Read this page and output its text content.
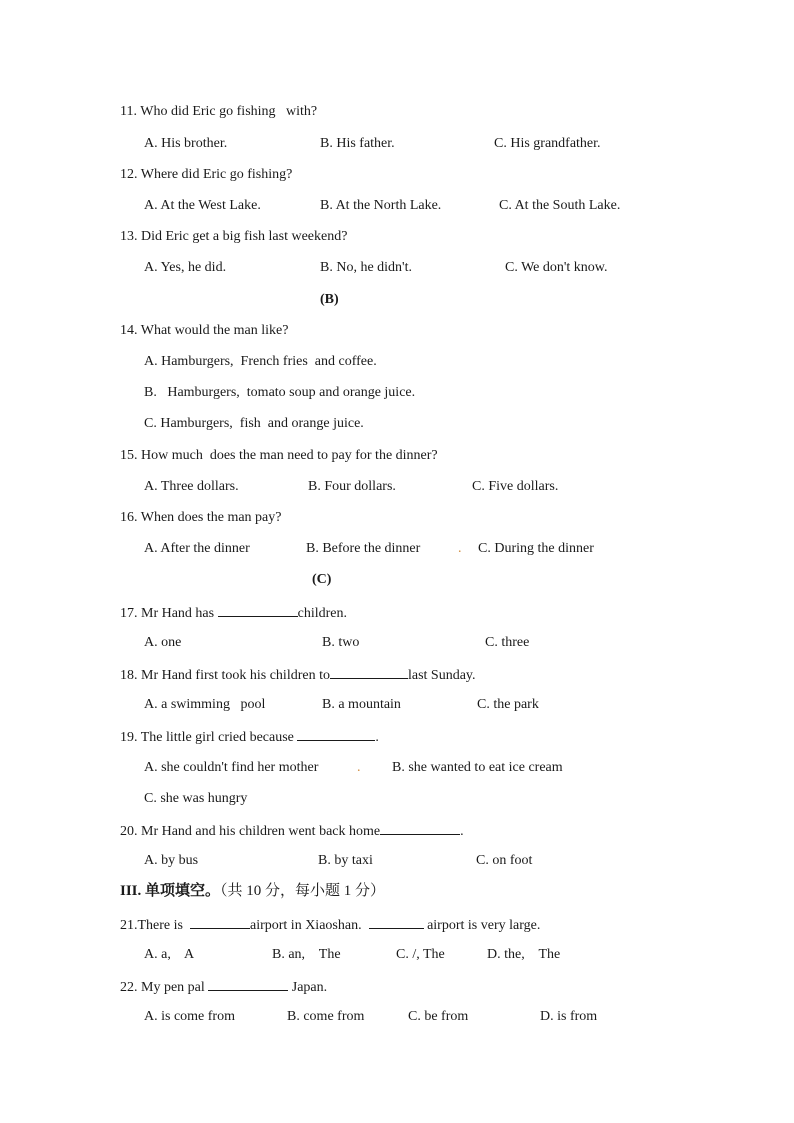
11. Who did Eric go fishing   with?
A. His brother.	B. His father.	C. His grandfather.
12. Where did Eric go fishing?
A. At the West Lake.	B. At the North Lake.	C. At the South Lake.
13. Did Eric get a big fish last weekend?
A. Yes, he did.	B. No, he didn't.	C. We don't know.
(B)
14. What would the man like?
A. Hamburgers,  French fries  and coffee.
B.   Hamburgers,  tomato soup and orange juice.
C. Hamburgers,  fish  and orange juice.
15. How much  does the man need to pay for the dinner?
A. Three dollars.	B. Four dollars.	C. Five dollars.
16. When does the man pay?
A. After the dinner	B. Before the dinner	. C. During the dinner
(C)
17. Mr Hand has	children.
A. one	B. two	C. three
18. Mr Hand first took his children to	last Sunday.
A. a swimming   pool	B. a mountain	C. the park
19. The little girl cried because	.
A. she couldn't find her mother	. B. she wanted to eat ice cream
C. she was hungry
20. Mr Hand and his children went back home	.
A. by bus	B. by taxi	C. on foot
III. 单项填空。（共 10 分，每小题 1 分）
21.There is	airport in Xiaoshan.	airport is very large.
A. a,    A	B. an,    The	C. /, The	D. the,    The
22. My pen pal	Japan.
A. is come from	B. come from	C. be from	D. is from
